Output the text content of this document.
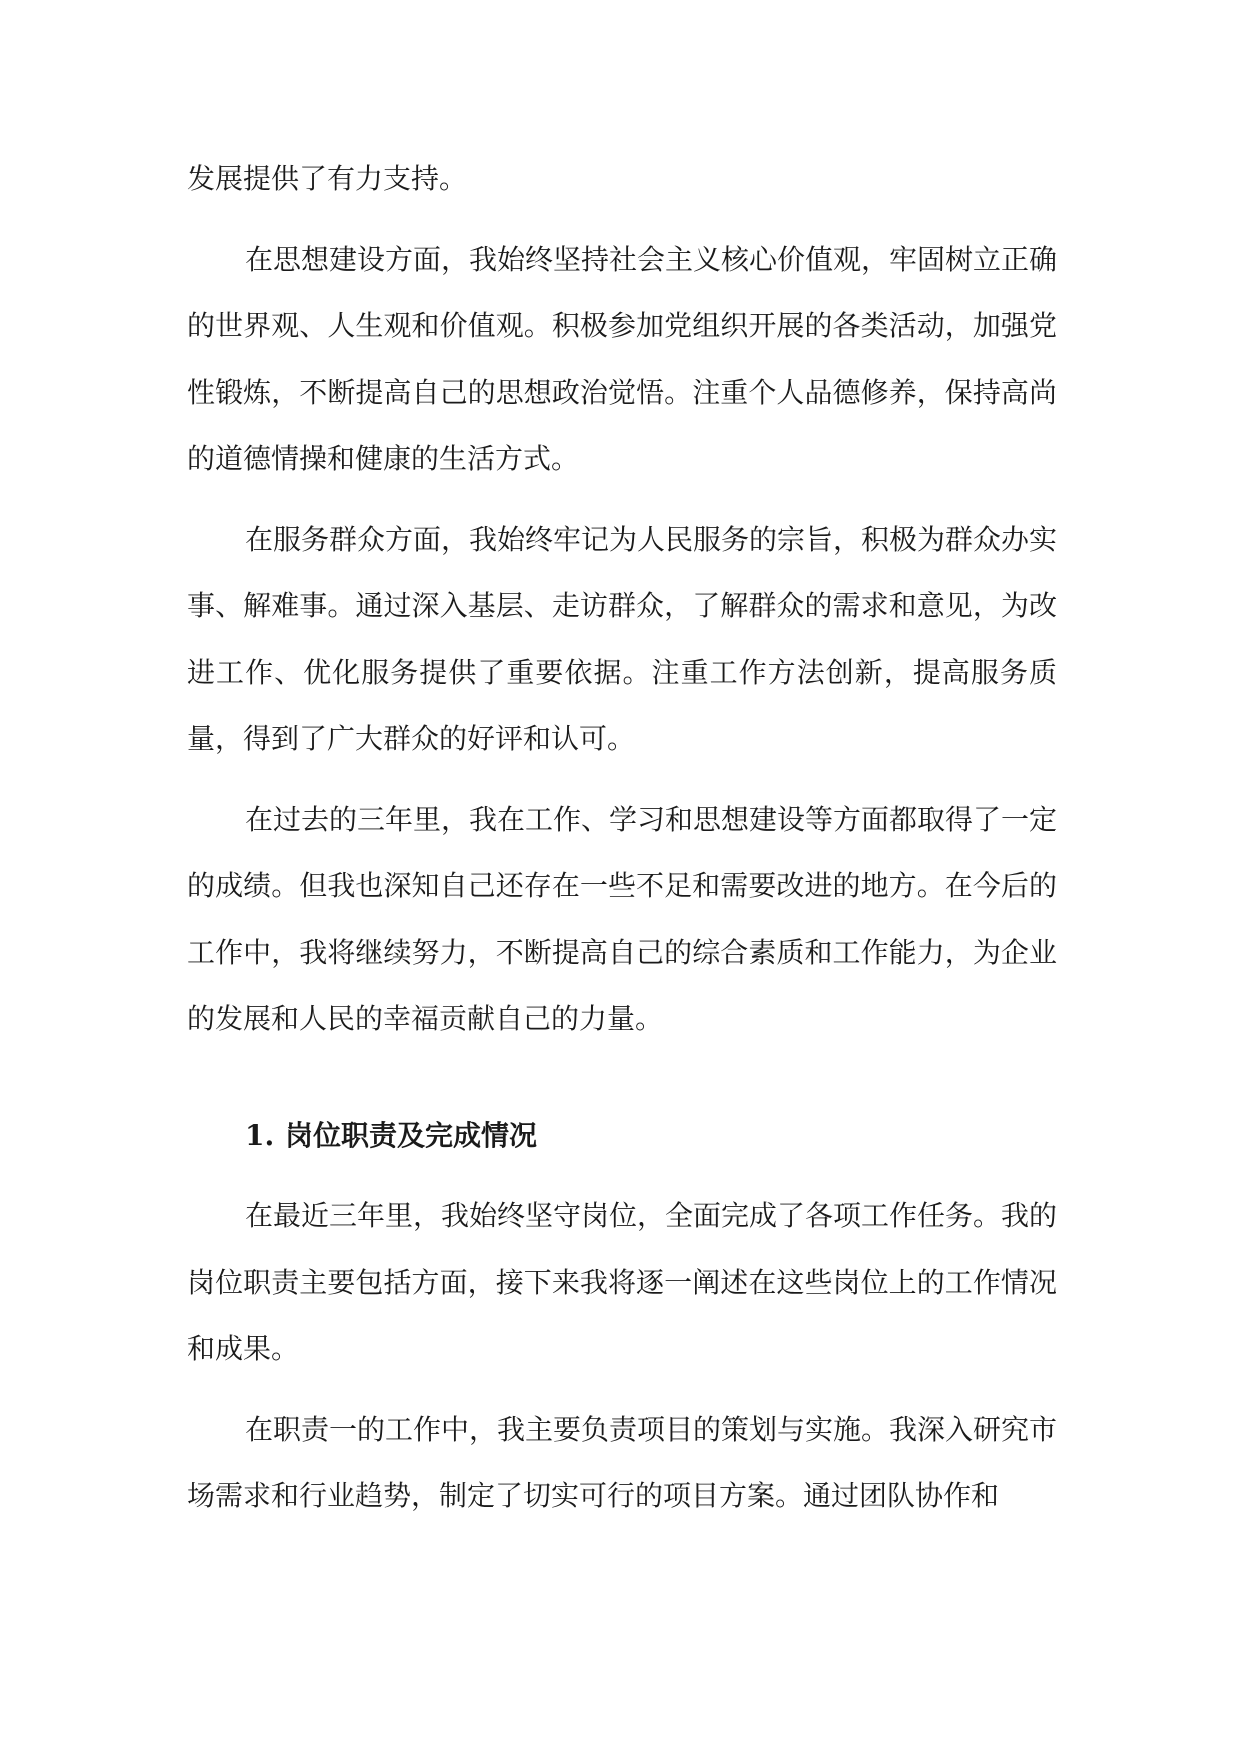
发展提供了有力支持。

在思想建设方面，我始终坚持社会主义核心价值观，牢固树立正确的世界观、人生观和价值观。积极参加党组织开展的各类活动，加强党性锻炼，不断提高自己的思想政治觉悟。注重个人品德修养，保持高尚的道德情操和健康的生活方式。

在服务群众方面，我始终牢记为人民服务的宗旨，积极为群众办实事、解难事。通过深入基层、走访群众，了解群众的需求和意见，为改进工作、优化服务提供了重要依据。注重工作方法创新，提高服务质量，得到了广大群众的好评和认可。

在过去的三年里，我在工作、学习和思想建设等方面都取得了一定的成绩。但我也深知自己还存在一些不足和需要改进的地方。在今后的工作中，我将继续努力，不断提高自己的综合素质和工作能力，为企业的发展和人民的幸福贡献自己的力量。

1. 岗位职责及完成情况

在最近三年里，我始终坚守岗位，全面完成了各项工作任务。我的岗位职责主要包括方面，接下来我将逐一阐述在这些岗位上的工作情况和成果。

在职责一的工作中，我主要负责项目的策划与实施。我深入研究市场需求和行业趋势，制定了切实可行的项目方案。通过团队协作和
